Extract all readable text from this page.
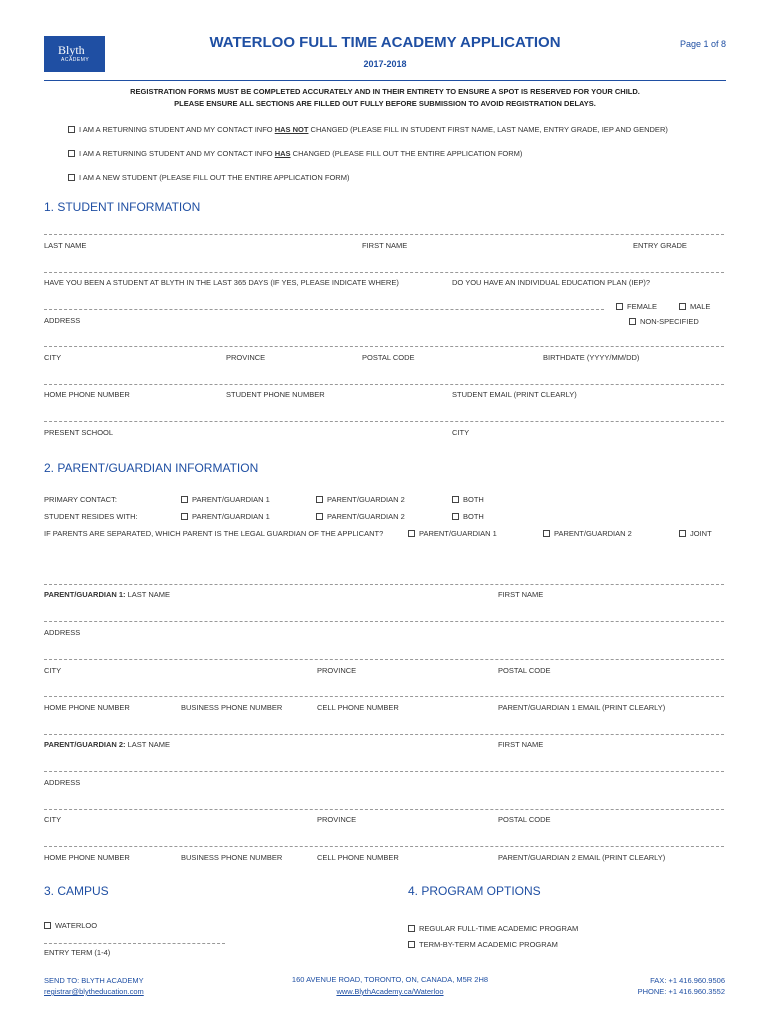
Blyth
ACADEMY
WATERLOO FULL TIME ACADEMY APPLICATION
2017-2018
Page 1 of 8
REGISTRATION FORMS MUST BE COMPLETED ACCURATELY AND IN THEIR ENTIRETY TO ENSURE A SPOT IS RESERVED FOR YOUR CHILD.
PLEASE ENSURE ALL SECTIONS ARE FILLED OUT FULLY BEFORE SUBMISSION TO AVOID REGISTRATION DELAYS.
I AM A RETURNING STUDENT AND MY CONTACT INFO HAS NOT CHANGED (PLEASE FILL IN STUDENT FIRST NAME, LAST NAME, ENTRY GRADE, IEP AND GENDER)
I AM A RETURNING STUDENT AND MY CONTACT INFO HAS CHANGED (PLEASE FILL OUT THE ENTIRE APPLICATION FORM)
I AM A NEW STUDENT (PLEASE FILL OUT THE ENTIRE APPLICATION FORM)
1. STUDENT INFORMATION
LAST NAME	FIRST NAME	ENTRY GRADE
HAVE YOU BEEN A STUDENT AT BLYTH IN THE LAST 365 DAYS (IF YES, PLEASE INDICATE WHERE)	DO YOU HAVE AN INDIVIDUAL EDUCATION PLAN (IEP)?
FEMALE	MALE
NON-SPECIFIED
ADDRESS
CITY	PROVINCE	POSTAL CODE	BIRTHDATE (YYYY/MM/DD)
HOME PHONE NUMBER	STUDENT PHONE NUMBER	STUDENT EMAIL (PRINT CLEARLY)
PRESENT SCHOOL	CITY
2. PARENT/GUARDIAN INFORMATION
PRIMARY CONTACT:	PARENT/GUARDIAN 1	PARENT/GUARDIAN 2	BOTH
STUDENT RESIDES WITH:	PARENT/GUARDIAN 1	PARENT/GUARDIAN 2	BOTH
IF PARENTS ARE SEPARATED, WHICH PARENT IS THE LEGAL GUARDIAN OF THE APPLICANT?	PARENT/GUARDIAN 1	PARENT/GUARDIAN 2	JOINT
PARENT/GUARDIAN 1: LAST NAME	FIRST NAME
ADDRESS
CITY	PROVINCE	POSTAL CODE
HOME PHONE NUMBER	BUSINESS PHONE NUMBER	CELL PHONE NUMBER	PARENT/GUARDIAN 1 EMAIL (PRINT CLEARLY)
PARENT/GUARDIAN 2: LAST NAME	FIRST NAME
ADDRESS
CITY	PROVINCE	POSTAL CODE
HOME PHONE NUMBER	BUSINESS PHONE NUMBER	CELL PHONE NUMBER	PARENT/GUARDIAN 2 EMAIL (PRINT CLEARLY)
3. CAMPUS	4. PROGRAM OPTIONS
WATERLOO
ENTRY TERM (1-4)
REGULAR FULL-TIME ACADEMIC PROGRAM
TERM-BY-TERM ACADEMIC PROGRAM
SEND TO: BLYTH ACADEMY
registrar@blytheducation.com
160 AVENUE ROAD, TORONTO, ON, CANADA, M5R 2H8
www.BlythAcademy.ca/Waterloo
FAX: +1 416.960.9506
PHONE: +1 416.960.3552
